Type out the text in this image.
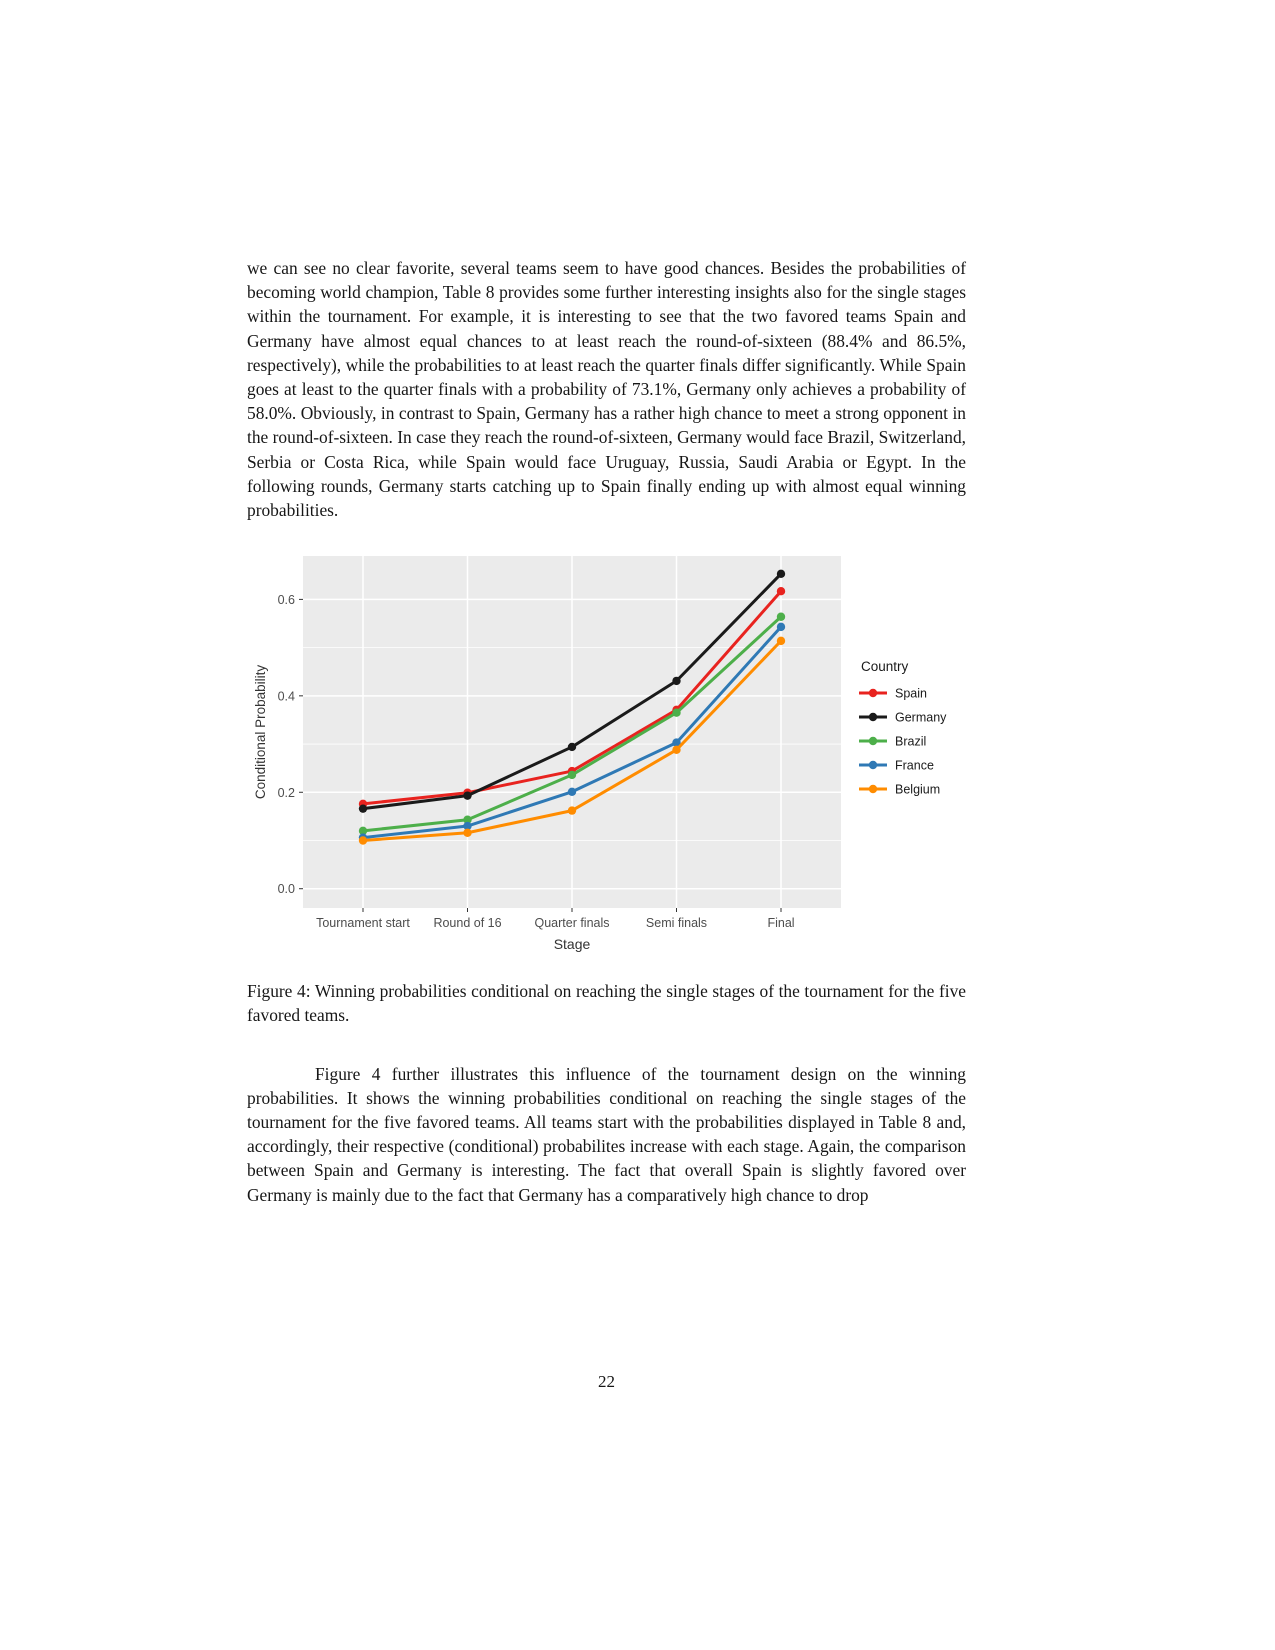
we can see no clear favorite, several teams seem to have good chances. Besides the probabilities of becoming world champion, Table 8 provides some further interesting insights also for the single stages within the tournament. For example, it is interesting to see that the two favored teams Spain and Germany have almost equal chances to at least reach the round-of-sixteen (88.4% and 86.5%, respectively), while the probabilities to at least reach the quarter finals differ significantly. While Spain goes at least to the quarter finals with a probability of 73.1%, Germany only achieves a probability of 58.0%. Obviously, in contrast to Spain, Germany has a rather high chance to meet a strong opponent in the round-of-sixteen. In case they reach the round-of-sixteen, Germany would face Brazil, Switzerland, Serbia or Costa Rica, while Spain would face Uruguay, Russia, Saudi Arabia or Egypt. In the following rounds, Germany starts catching up to Spain finally ending up with almost equal winning probabilities.

0.0
0.2
0.4
0.6
Tournament start Round of 16	Quarter finals	Semi finals	Final
Conditional Probability
Stage
Country
Spain
Germany
Brazil
France
Belgium
Figure 4: Winning probabilities conditional on reaching the single stages of the tournament for the five favored teams.

Figure 4 further illustrates this influence of the tournament design on the winning probabilities. It shows the winning probabilities conditional on reaching the single stages of the tournament for the five favored teams. All teams start with the probabilities displayed in Table 8 and, accordingly, their respective (conditional) probabilites increase with each stage. Again, the comparison between Spain and Germany is interesting. The fact that overall Spain is slightly favored over Germany is mainly due to the fact that Germany has a comparatively high chance to drop

22
